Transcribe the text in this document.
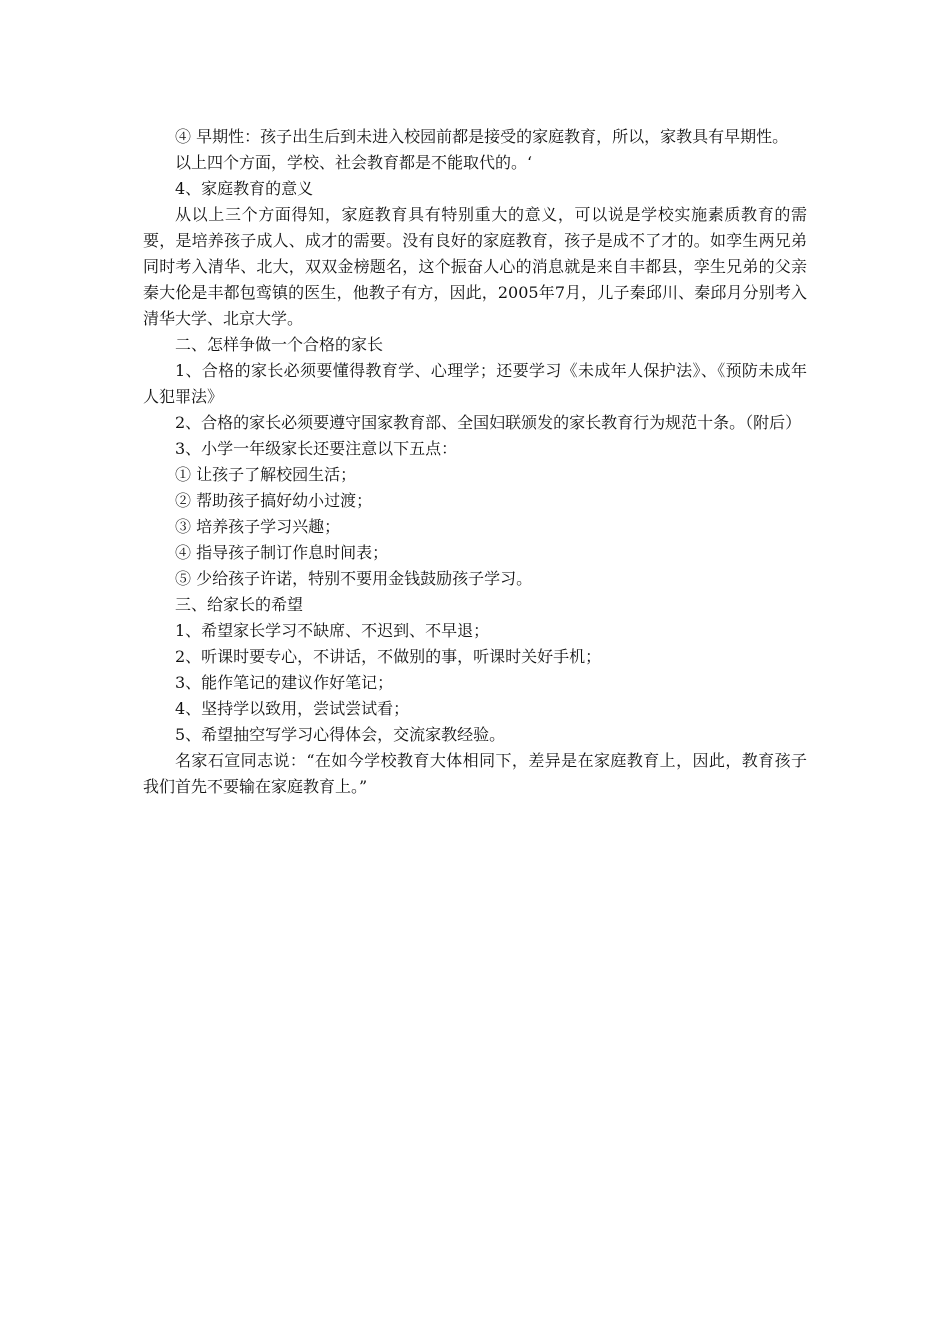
④ 早期性：孩子出生后到未进入校园前都是接受的家庭教育，所以，家教具有早期性。

以上四个方面，学校、社会教育都是不能取代的。‘

4、家庭教育的意义

从以上三个方面得知，家庭教育具有特别重大的意义，可以说是学校实施素质教育的需要，是培养孩子成人、成才的需要。没有良好的家庭教育，孩子是成不了才的。如孪生两兄弟同时考入清华、北大，双双金榜题名，这个振奋人心的消息就是来自丰都县，孪生兄弟的父亲秦大伦是丰都包鸾镇的医生，他教子有方，因此，2005年7月，儿子秦邱川、秦邱月分别考入清华大学、北京大学。

二、怎样争做一个合格的家长

1、合格的家长必须要懂得教育学、心理学；还要学习《未成年人保护法》、《预防未成年人犯罪法》

2、合格的家长必须要遵守国家教育部、全国妇联颁发的家长教育行为规范十条。（附后）

3、小学一年级家长还要注意以下五点：

① 让孩子了解校园生活；

② 帮助孩子搞好幼小过渡；

③ 培养孩子学习兴趣；

④ 指导孩子制订作息时间表；

⑤ 少给孩子许诺，特别不要用金钱鼓励孩子学习。

三、给家长的希望

1、希望家长学习不缺席、不迟到、不早退；

2、听课时要专心，不讲话，不做别的事，听课时关好手机；

3、能作笔记的建议作好笔记；

4、坚持学以致用，尝试尝试看；

5、希望抽空写学习心得体会，交流家教经验。

名家石宣同志说：“在如今学校教育大体相同下，差异是在家庭教育上，因此，教育孩子我们首先不要输在家庭教育上。”
